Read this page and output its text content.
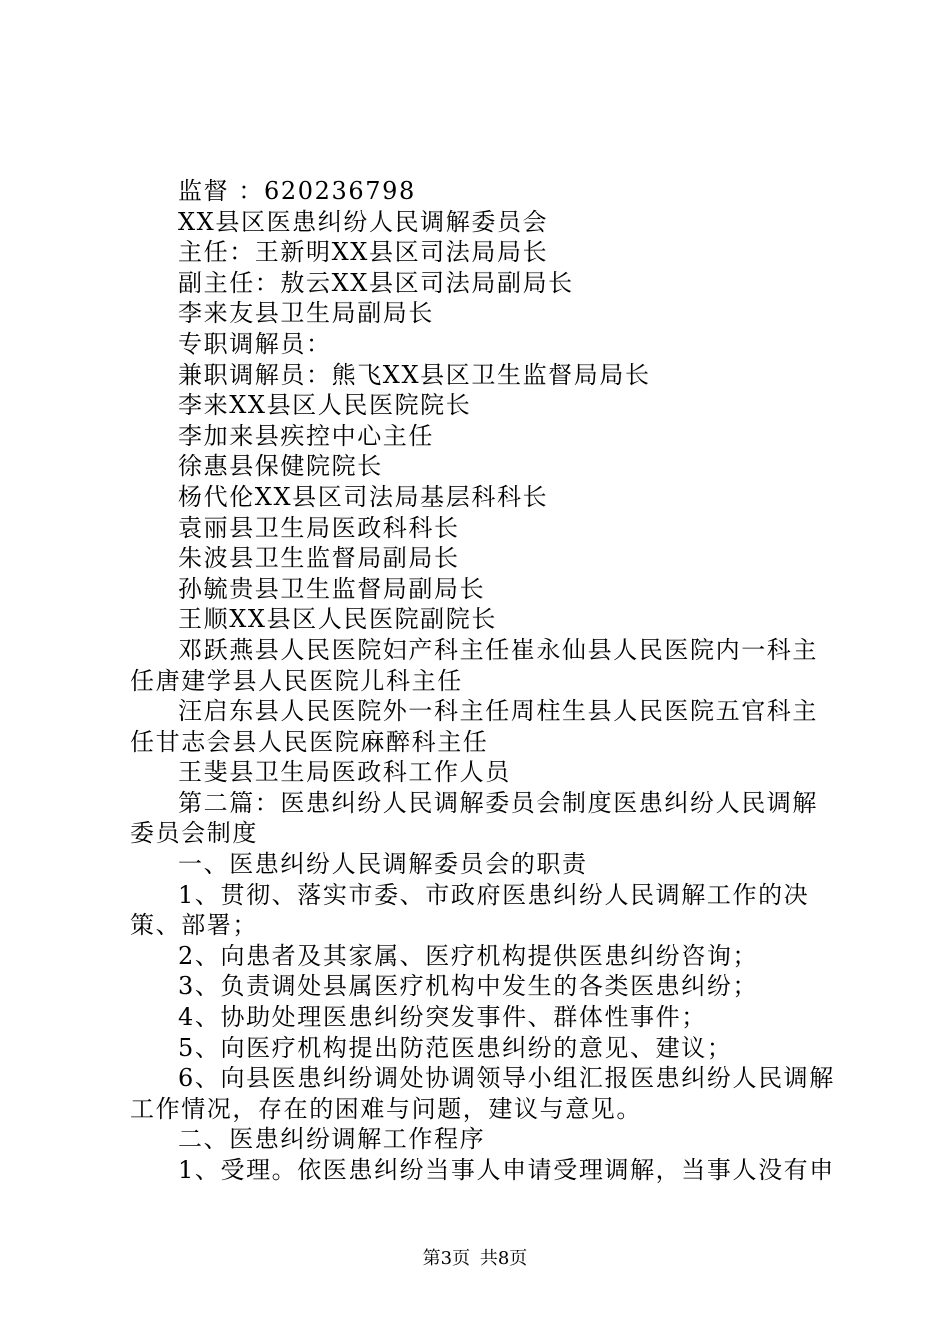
监督 ：620236798

XX县区医患纠纷人民调解委员会

主任：王新明XX县区司法局局长

副主任：敖云XX县区司法局副局长

李来友县卫生局副局长

专职调解员：

兼职调解员：熊飞XX县区卫生监督局局长

李来XX县区人民医院院长

李加来县疾控中心主任

徐惠县保健院院长

杨代伦XX县区司法局基层科科长

袁丽县卫生局医政科科长

朱波县卫生监督局副局长

孙毓贵县卫生监督局副局长

王顺XX县区人民医院副院长

邓跃燕县人民医院妇产科主任崔永仙县人民医院内一科主任唐建学县人民医院儿科主任

汪启东县人民医院外一科主任周柱生县人民医院五官科主任甘志会县人民医院麻醉科主任

王斐县卫生局医政科工作人员

第二篇：医患纠纷人民调解委员会制度医患纠纷人民调解委员会制度

一、医患纠纷人民调解委员会的职责

1、贯彻、落实市委、市政府医患纠纷人民调解工作的决策、部署；

2、向患者及其家属、医疗机构提供医患纠纷咨询；

3、负责调处县属医疗机构中发生的各类医患纠纷；

4、协助处理医患纠纷突发事件、群体性事件；

5、向医疗机构提出防范医患纠纷的意见、建议；

6、向县医患纠纷调处协调领导小组汇报医患纠纷人民调解工作情况，存在的困难与问题，建议与意见。

二、医患纠纷调解工作程序

1、受理。依医患纠纷当事人申请受理调解，当事人没有申

第3页 共8页
